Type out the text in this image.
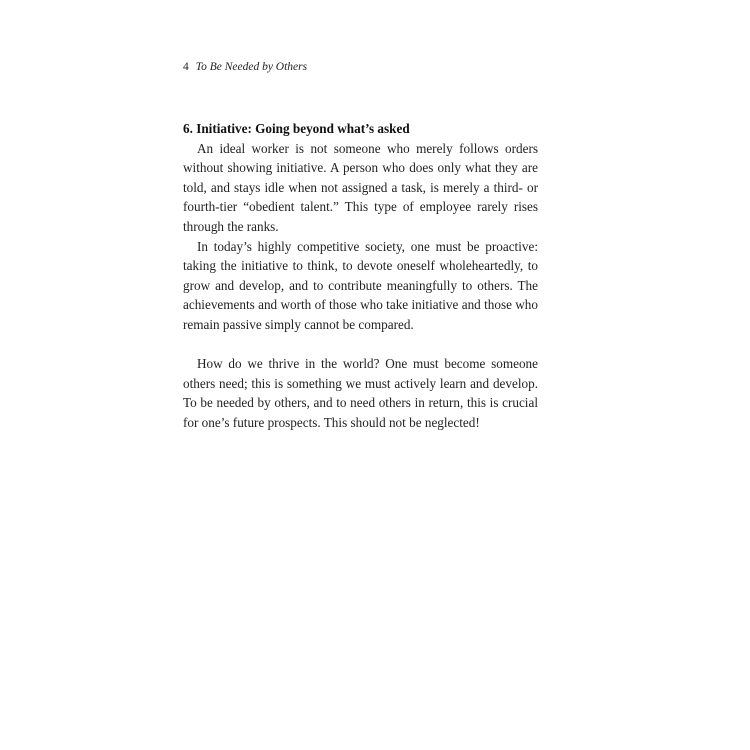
4 To Be Needed by Others
6. Initiative: Going beyond what’s asked

An ideal worker is not someone who merely follows orders without showing initiative. A person who does only what they are told, and stays idle when not assigned a task, is merely a third- or fourth-tier “obedient talent.” This type of employee rarely rises through the ranks.

In today’s highly competitive society, one must be proactive: taking the initiative to think, to devote oneself wholeheartedly, to grow and develop, and to contribute meaningfully to others. The achievements and worth of those who take initiative and those who remain passive simply cannot be compared.

How do we thrive in the world? One must become someone others need; this is something we must actively learn and develop. To be needed by others, and to need others in return, this is crucial for one’s future prospects. This should not be neglected!
